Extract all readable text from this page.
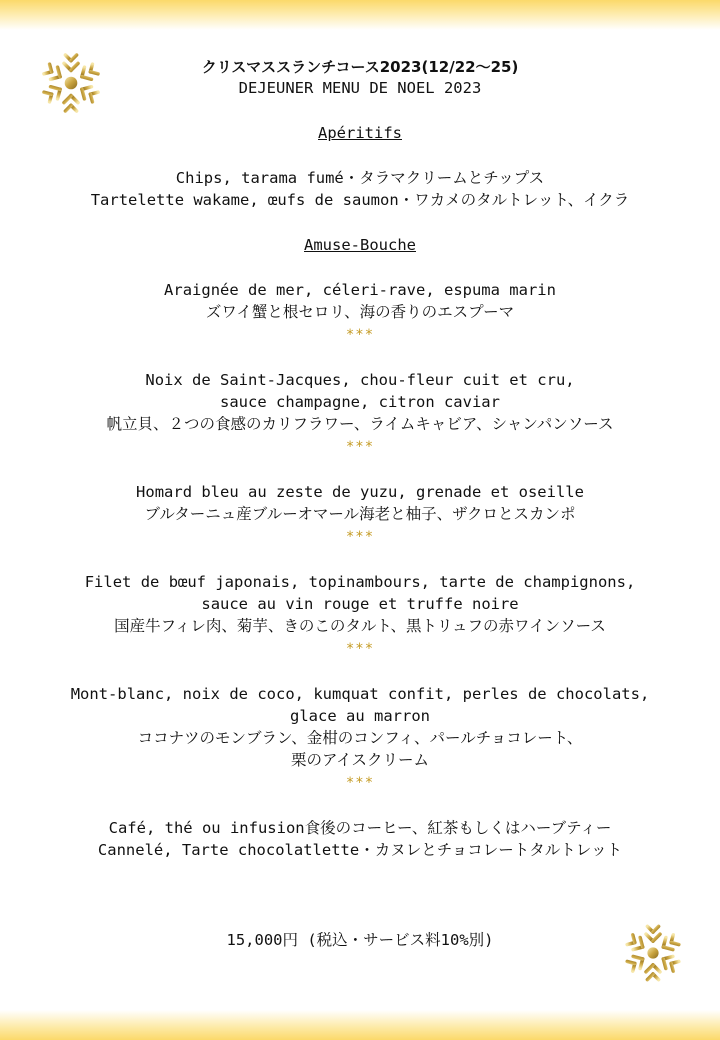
クリスマススランチコース2023(12/22～25)
DEJEUNER MENU DE NOEL 2023
Apéritifs
Chips, tarama fumé・タラマクリームとチップス
Tartelette wakame, œufs de saumon・ワカメのタルトレット、イクラ
Amuse-Bouche
Araignée de mer, céleri-rave, espuma marin
ズワイ蟹と根セロリ、海の香りのエスプーマ
***
Noix de Saint-Jacques, chou-fleur cuit et cru,
sauce champagne, citron caviar
帆立貝、２つの食感のカリフラワー、ライムキャビア、シャンパンソース
***
Homard bleu au zeste de yuzu, grenade et oseille
ブルターニュ産ブルーオマール海老と柚子、ザクロとスカンポ
***
Filet de bœuf japonais, topinambours, tarte de champignons,
sauce au vin rouge et truffe noire
国産牛フィレ肉、菊芋、きのこのタルト、黒トリュフの赤ワインソース
***
Mont-blanc, noix de coco, kumquat confit, perles de chocolats,
glace au marron
ココナツのモンブラン、金柑のコンフィ、パールチョコレート、
栗のアイスクリーム
***
Café, thé ou infusion食後のコーヒー、紅茶もしくはハーブティー
Cannelé, Tarte chocolatlette・カヌレとチョコレートタルトレット
15,000円 (税込・サービス料10%別)
